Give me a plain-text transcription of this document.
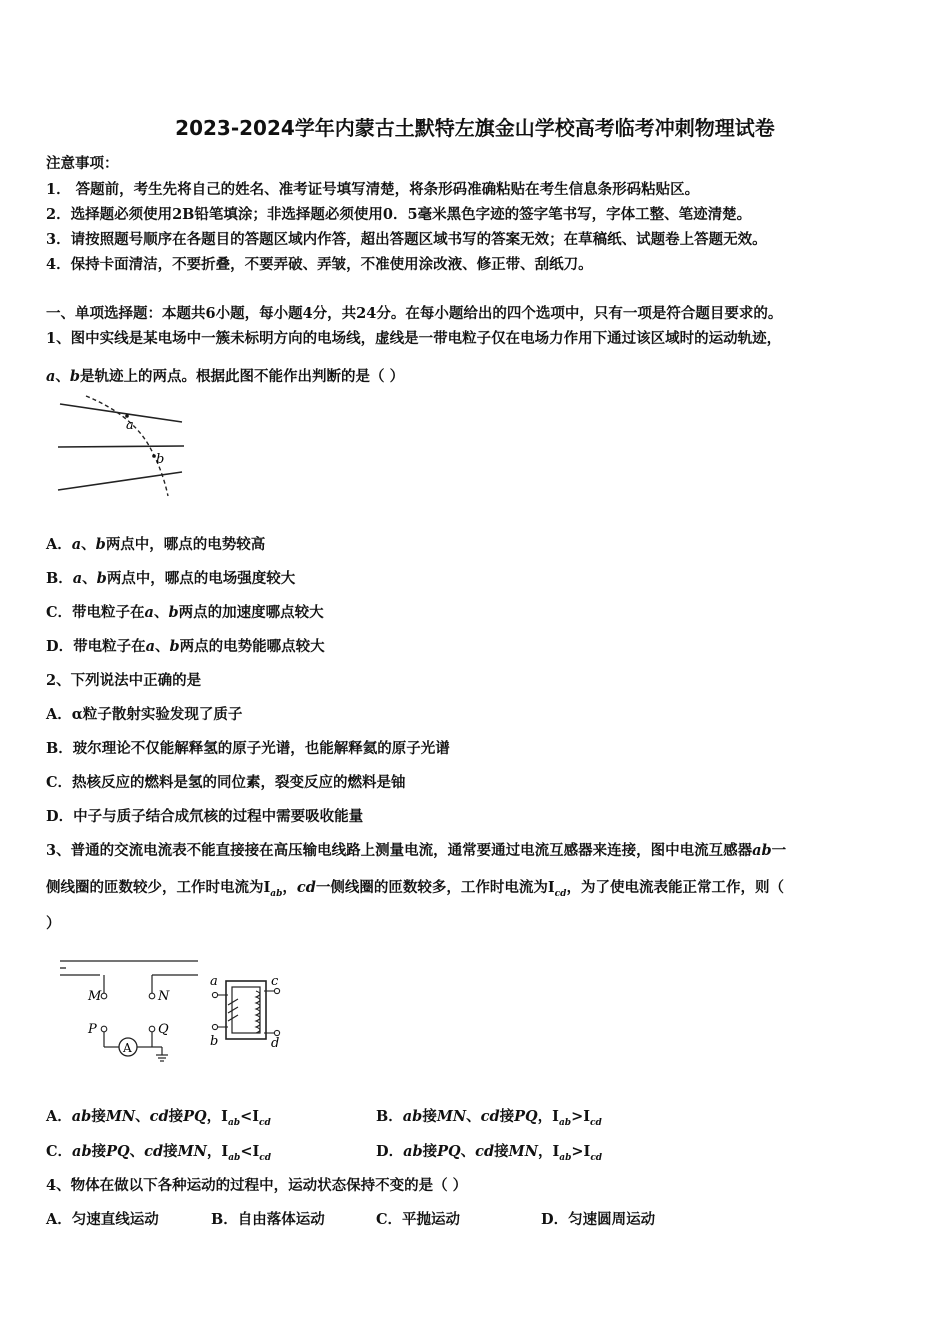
2023-2024学年内蒙古土默特左旗金山学校高考临考冲刺物理试卷
注意事项：
1． 答题前，考生先将自己的姓名、准考证号填写清楚，将条形码准确粘贴在考生信息条形码粘贴区。
2．选择题必须使用2B铅笔填涂；非选择题必须使用0．5毫米黑色字迹的签字笔书写，字体工整、笔迹清楚。
3．请按照题号顺序在各题目的答题区域内作答，超出答题区域书写的答案无效；在草稿纸、试题卷上答题无效。
4．保持卡面清洁，不要折叠，不要弄破、弄皱，不准使用涂改液、修正带、刮纸刀。
一、单项选择题：本题共6小题，每小题4分，共24分。在每小题给出的四个选项中，只有一项是符合题目要求的。
1、图中实线是某电场中一簇未标明方向的电场线，虚线是一带电粒子仅在电场力作用下通过该区域时的运动轨迹，
a、b是轨迹上的两点。根据此图不能作出判断的是（ ）
a
b
A．a、b两点中，哪点的电势较高
B．a、b两点中，哪点的电场强度较大
C．带电粒子在a、b两点的加速度哪点较大
D．带电粒子在a、b两点的电势能哪点较大
2、下列说法中正确的是
A．α粒子散射实验发现了质子
B．玻尔理论不仅能解释氢的原子光谱，也能解释氦的原子光谱
C．热核反应的燃料是氢的同位素，裂变反应的燃料是铀
D．中子与质子结合成氘核的过程中需要吸收能量
3、普通的交流电流表不能直接接在高压输电线路上测量电流，通常要通过电流互感器来连接，图中电流互感器ab一
侧线圈的匝数较少，工作时电流为$I_{ab}$，cd一侧线圈的匝数较多，工作时电流为$I_{cd}$，为了使电流表能正常工作，则（
）
M	N
P	Q
A
a
b
c
d
A．ab接MN、cd接PQ，$I_{ab}<I_{cd}$	B．ab接MN、cd接PQ，$I_{ab}>I_{cd}$
C．ab接PQ、cd接MN，$I_{ab}<I_{cd}$	D．ab接PQ、cd接MN，$I_{ab}>I_{cd}$
4、物体在做以下各种运动的过程中，运动状态保持不变的是（ ）
A．匀速直线运动	B．自由落体运动	C．平抛运动	D．匀速圆周运动
